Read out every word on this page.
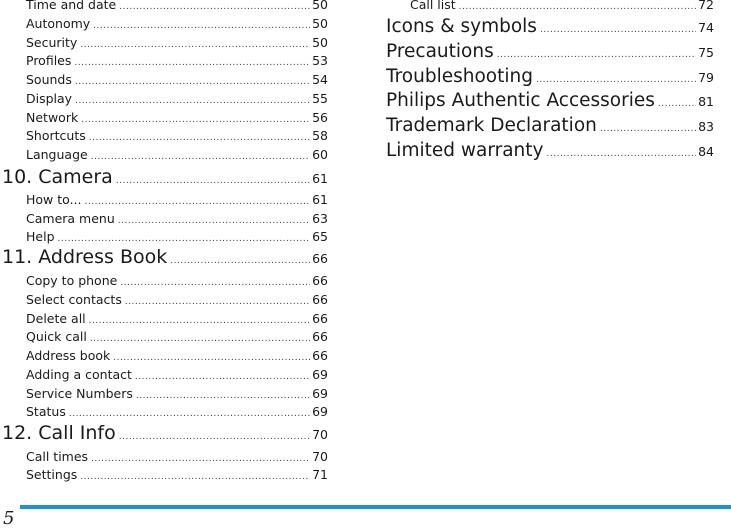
Time and date .....	50
Autonomy .....	50
Security .....	50
Profiles .....	53
Sounds .....	54
Display .....	55
Network .....	56
Shortcuts .....	58
Language .....	60
10. Camera .....	61
How to... .....	61
Camera menu .....	63
Help .....	65
11. Address Book .....	66
Copy to phone .....	66
Select contacts .....	66
Delete all .....	66
Quick call .....	66
Address book .....	66
Adding a contact .....	69
Service Numbers .....	69
Status .....	69
12. Call Info .....	70
Call times .....	70
Settings .....	71
Call list .....	72
Icons & symbols .....	74
Precautions .....	75
Troubleshooting .....	79
Philips Authentic Accessories .....	81
Trademark Declaration .....	83
Limited warranty .....	84
5
